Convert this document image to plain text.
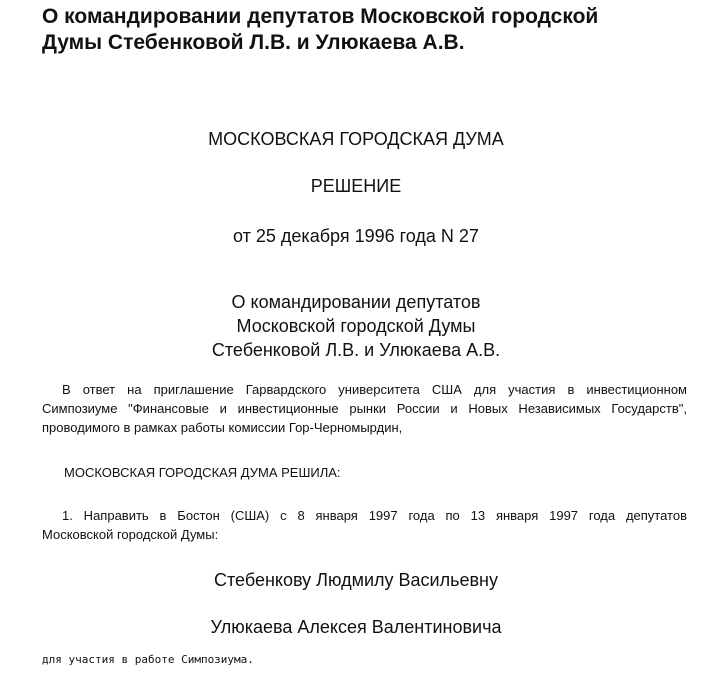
О командировании депутатов Московской городской
Думы Стебенковой Л.В. и Улюкаева А.В.
МОСКОВСКАЯ ГОРОДСКАЯ ДУМА
РЕШЕНИЕ
от 25 декабря 1996 года N 27
О командировании депутатов
Московской городской Думы
Стебенковой Л.В. и Улюкаева А.В.
В ответ на приглашение Гарвардского университета США для участия в инвестиционном
Симпозиуме "Финансовые и инвестиционные рынки России и Новых Независимых Государств",
проводимого в рамках работы комиссии Гор-Черномырдин,
МОСКОВСКАЯ ГОРОДСКАЯ ДУМА РЕШИЛА:
1. Направить в Бостон (США) с 8 января 1997 года по 13 января 1997 года депутатов
Московской городской Думы:
Стебенкову Людмилу Васильевну
Улюкаева Алексея Валентиновича
для участия в работе Симпозиума.
